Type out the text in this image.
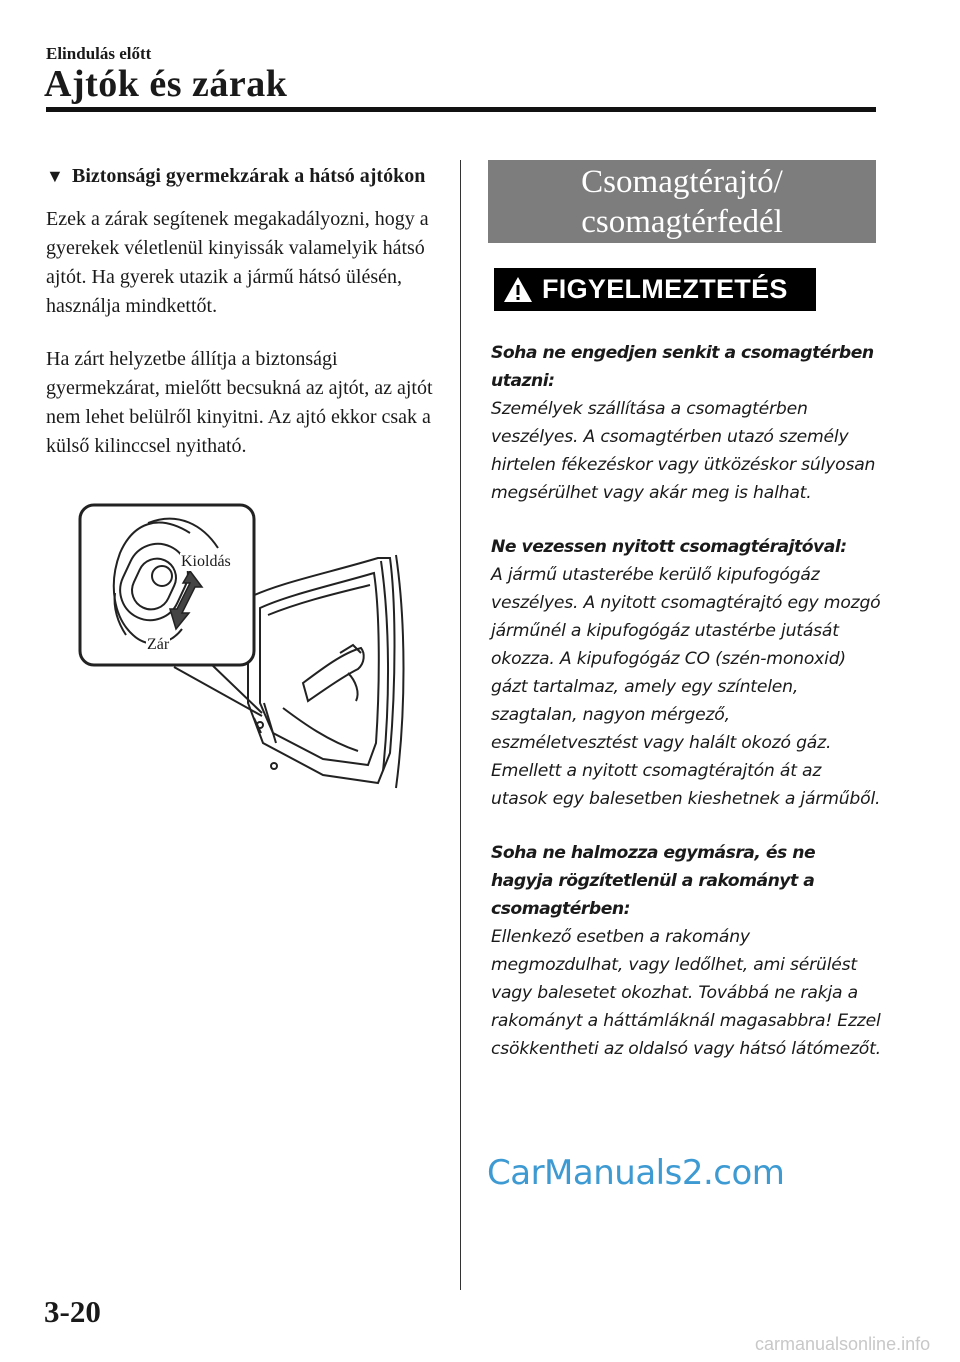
Elindulás előtt
Ajtók és zárak
▼ Biztonsági gyermekzárak a hátsó ajtókon

Ezek a zárak segítenek megakadályozni, hogy a gyerekek véletlenül kinyissák valamelyik hátsó ajtót. Ha gyerek utazik a jármű hátsó ülésén, használja mindkettőt.

Ha zárt helyzetbe állítja a biztonsági gyermekzárat, mielőtt becsukná az ajtót, az ajtót nem lehet belülről kinyitni. Az ajtó ekkor csak a külső kilinccsel nyitható.

Kioldás
Zár
Csomagtérajtó/
csomagtérfedél
FIGYELMEZTETÉS

Soha ne engedjen senkit a csomagtérben utazni:

Személyek szállítása a csomagtérben veszélyes. A csomagtérben utazó személy hirtelen fékezéskor vagy ütközéskor súlyosan megsérülhet vagy akár meg is halhat.

Ne vezessen nyitott csomagtérajtóval:

A jármű utasterébe kerülő kipufogógáz veszélyes. A nyitott csomagtérajtó egy mozgó járműnél a kipufogógáz utastérbe jutását okozza. A kipufogógáz CO (szén-monoxid) gázt tartalmaz, amely egy színtelen, szagtalan, nagyon mérgező, eszméletvesztést vagy halált okozó gáz. Emellett a nyitott csomagtérajtón át az utasok egy balesetben kieshetnek a járműből.

Soha ne halmozza egymásra, és ne hagyja rögzítetlenül a rakományt a csomagtérben:

Ellenkező esetben a rakomány megmozdulhat, vagy ledőlhet, ami sérülést vagy balesetet okozhat. Továbbá ne rakja a rakományt a háttámláknál magasabbra! Ezzel csökkentheti az oldalsó vagy hátsó látómezőt.

CarManuals2.com
3-20
carmanualsonline.info
